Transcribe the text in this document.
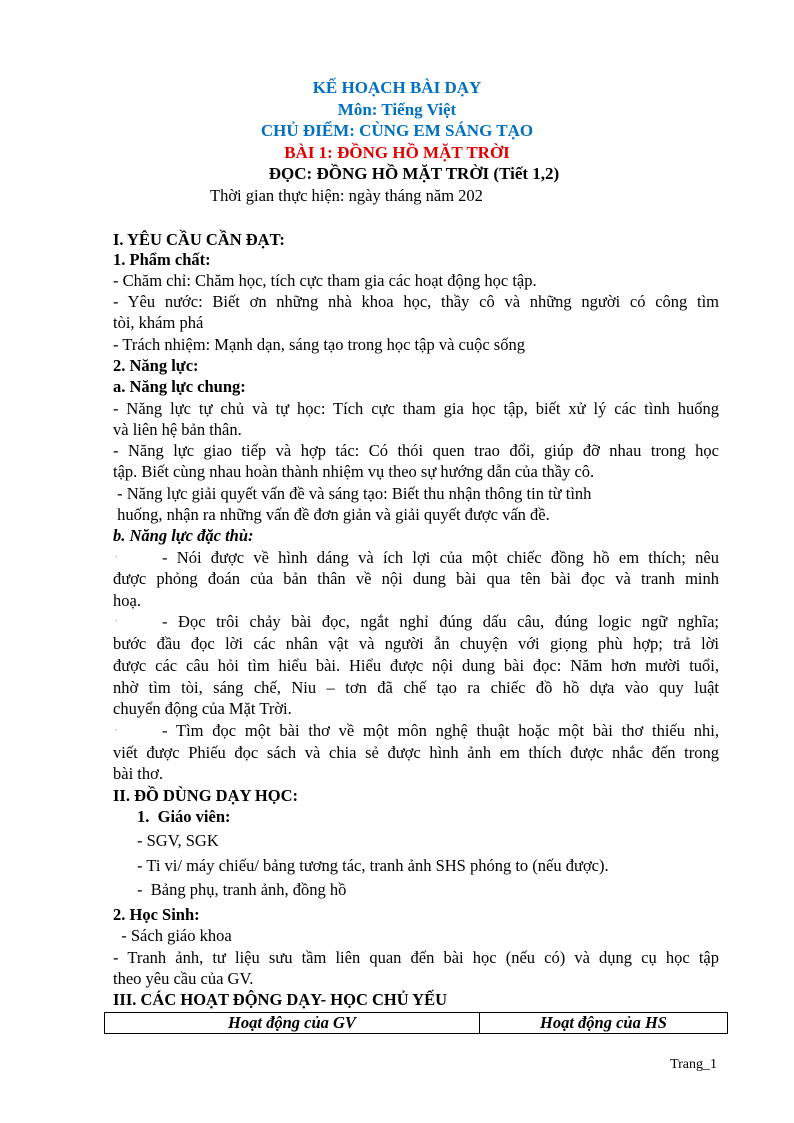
KẾ HOẠCH BÀI DẠY
Môn: Tiếng Việt
CHỦ ĐIỂM: CÙNG EM SÁNG TẠO
BÀI 1: ĐỒNG HỒ MẶT TRỜI
ĐỌC: ĐỒNG HỒ MẶT TRỜI (Tiết 1,2)
Thời gian thực hiện: ngày tháng năm 202
I. YÊU CẦU CẦN ĐẠT:
1. Phẩm chất:
- Chăm chỉ: Chăm học, tích cực tham gia các hoạt động học tập.
- Yêu nước: Biết ơn những nhà khoa học, thầy cô và những người có công tìm
tòi, khám phá
- Trách nhiệm: Mạnh dạn, sáng tạo trong học tập và cuộc sống
2. Năng lực:
a. Năng lực chung:
- Năng lực tự chủ và tự học: Tích cực tham gia học tập, biết xử lý các tình huống
và liên hệ bản thân.
- Năng lực giao tiếp và hợp tác: Có thói quen trao đổi, giúp đỡ nhau trong học
tập. Biết cùng nhau hoàn thành nhiệm vụ theo sự hướng dẫn của thầy cô.
- Năng lực giải quyết vấn đề và sáng tạo: Biết thu nhận thông tin từ tình
huống, nhận ra những vấn đề đơn giản và giải quyết được vấn đề.
b. Năng lực đặc thù:
-	- Nói được về hình dáng và ích lợi của một chiếc đồng hồ em thích; nêu
được phỏng đoán của bản thân về nội dung bài qua tên bài đọc và tranh minh
hoạ.
-	- Đọc trôi chảy bài đọc, ngắt nghỉ đúng dấu câu, đúng logic ngữ nghĩa;
bước đầu đọc lời các nhân vật và người ẫn chuyện với giọng phù hợp; trả lời
được các câu hỏi tìm hiểu bài. Hiểu được nội dung bài đọc: Năm hơn mười tuổi,
nhờ tìm tòi, sáng chế, Niu – tơn đã chế tạo ra chiếc đồ hồ dựa vào quy luật
chuyển động của Mặt Trời.
-	- Tìm đọc một bài thơ về một môn nghệ thuật hoặc một bài thơ thiếu nhi,
viết được Phiếu đọc sách và chia sẻ được hình ảnh em thích được nhắc đến trong
bài thơ.
II. ĐỒ DÙNG DẠY HỌC:
1.  Giáo viên:
- SGV, SGK
- Ti vi/ máy chiếu/ bảng tương tác, tranh ảnh SHS phóng to (nếu được).
-  Bảng phụ, tranh ảnh, đồng hồ
2. Học Sinh:
- Sách giáo khoa
- Tranh ảnh, tư liệu sưu tầm liên quan đến bài học (nếu có) và dụng cụ học tập
theo yêu cầu của GV.
III. CÁC HOẠT ĐỘNG DẠY- HỌC CHỦ YẾU
Hoạt động của GV	Hoạt động của HS
Trang_1
